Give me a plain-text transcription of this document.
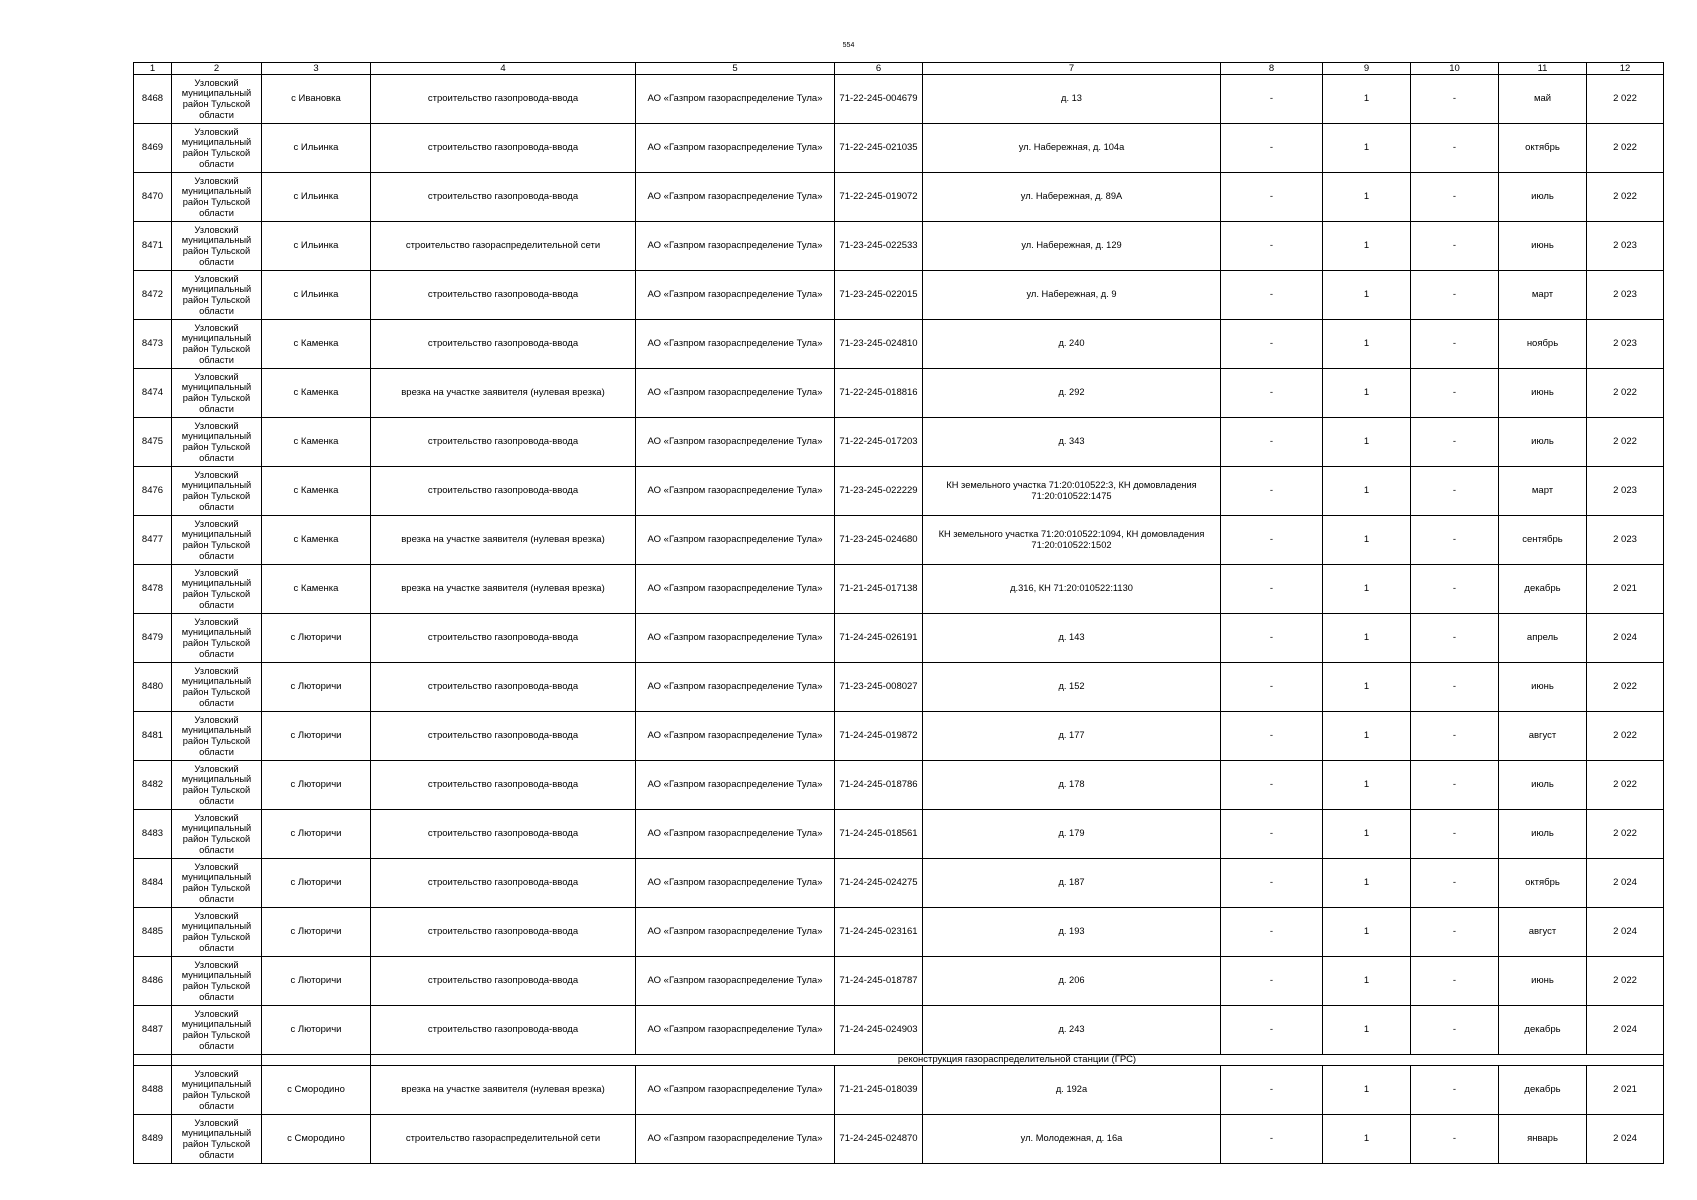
554
1	2	3	4	5	6	7	8	9	10	11	12
8468	Узловский муниципальный район Тульской области	с Ивановка	строительство газопровода-ввода	АО «Газпром газораспределение Тула»	71-22-245-004679	д. 13	-	1	-	май	2 022
8469	Узловский муниципальный район Тульской области	с Ильинка	строительство газопровода-ввода	АО «Газпром газораспределение Тула»	71-22-245-021035	ул. Набережная, д. 104а	-	1	-	октябрь	2 022
8470	Узловский муниципальный район Тульской области	с Ильинка	строительство газопровода-ввода	АО «Газпром газораспределение Тула»	71-22-245-019072	ул. Набережная, д. 89А	-	1	-	июль	2 022
8471	Узловский муниципальный район Тульской области	с Ильинка	строительство газораспределительной сети	АО «Газпром газораспределение Тула»	71-23-245-022533	ул. Набережная, д. 129	-	1	-	июнь	2 023
8472	Узловский муниципальный район Тульской области	с Ильинка	строительство газопровода-ввода	АО «Газпром газораспределение Тула»	71-23-245-022015	ул. Набережная, д. 9	-	1	-	март	2 023
8473	Узловский муниципальный район Тульской области	с Каменка	строительство газопровода-ввода	АО «Газпром газораспределение Тула»	71-23-245-024810	д. 240	-	1	-	ноябрь	2 023
8474	Узловский муниципальный район Тульской области	с Каменка	врезка на участке заявителя (нулевая врезка)	АО «Газпром газораспределение Тула»	71-22-245-018816	д. 292	-	1	-	июнь	2 022
8475	Узловский муниципальный район Тульской области	с Каменка	строительство газопровода-ввода	АО «Газпром газораспределение Тула»	71-22-245-017203	д. 343	-	1	-	июль	2 022
8476	Узловский муниципальный район Тульской области	с Каменка	строительство газопровода-ввода	АО «Газпром газораспределение Тула»	71-23-245-022229	КН земельного участка 71:20:010522:3, КН домовладения 71:20:010522:1475	-	1	-	март	2 023
8477	Узловский муниципальный район Тульской области	с Каменка	врезка на участке заявителя (нулевая врезка)	АО «Газпром газораспределение Тула»	71-23-245-024680	КН земельного участка 71:20:010522:1094, КН домовладения 71:20:010522:1502	-	1	-	сентябрь	2 023
8478	Узловский муниципальный район Тульской области	с Каменка	врезка на участке заявителя (нулевая врезка)	АО «Газпром газораспределение Тула»	71-21-245-017138	д.316, КН 71:20:010522:1130	-	1	-	декабрь	2 021
8479	Узловский муниципальный район Тульской области	с Люторичи	строительство газопровода-ввода	АО «Газпром газораспределение Тула»	71-24-245-026191	д. 143	-	1	-	апрель	2 024
8480	Узловский муниципальный район Тульской области	с Люторичи	строительство газопровода-ввода	АО «Газпром газораспределение Тула»	71-23-245-008027	д. 152	-	1	-	июнь	2 022
8481	Узловский муниципальный район Тульской области	с Люторичи	строительство газопровода-ввода	АО «Газпром газораспределение Тула»	71-24-245-019872	д. 177	-	1	-	август	2 022
8482	Узловский муниципальный район Тульской области	с Люторичи	строительство газопровода-ввода	АО «Газпром газораспределение Тула»	71-24-245-018786	д. 178	-	1	-	июль	2 022
8483	Узловский муниципальный район Тульской области	с Люторичи	строительство газопровода-ввода	АО «Газпром газораспределение Тула»	71-24-245-018561	д. 179	-	1	-	июль	2 022
8484	Узловский муниципальный район Тульской области	с Люторичи	строительство газопровода-ввода	АО «Газпром газораспределение Тула»	71-24-245-024275	д. 187	-	1	-	октябрь	2 024
8485	Узловский муниципальный район Тульской области	с Люторичи	строительство газопровода-ввода	АО «Газпром газораспределение Тула»	71-24-245-023161	д. 193	-	1	-	август	2 024
8486	Узловский муниципальный район Тульской области	с Люторичи	строительство газопровода-ввода	АО «Газпром газораспределение Тула»	71-24-245-018787	д. 206	-	1	-	июнь	2 022
8487	Узловский муниципальный район Тульской области	с Люторичи	строительство газопровода-ввода	АО «Газпром газораспределение Тула»	71-24-245-024903	д. 243	-	1	-	декабрь	2 024
			реконструкция газораспределительной станции (ГРС)								
8488	Узловский муниципальный район Тульской области	с Смородино	врезка на участке заявителя (нулевая врезка)	АО «Газпром газораспределение Тула»	71-21-245-018039	д. 192а	-	1	-	декабрь	2 021
8489	Узловский муниципальный район Тульской области	с Смородино	строительство газораспределительной сети	АО «Газпром газораспределение Тула»	71-24-245-024870	ул. Молодежная, д. 16а	-	1	-	январь	2 024
